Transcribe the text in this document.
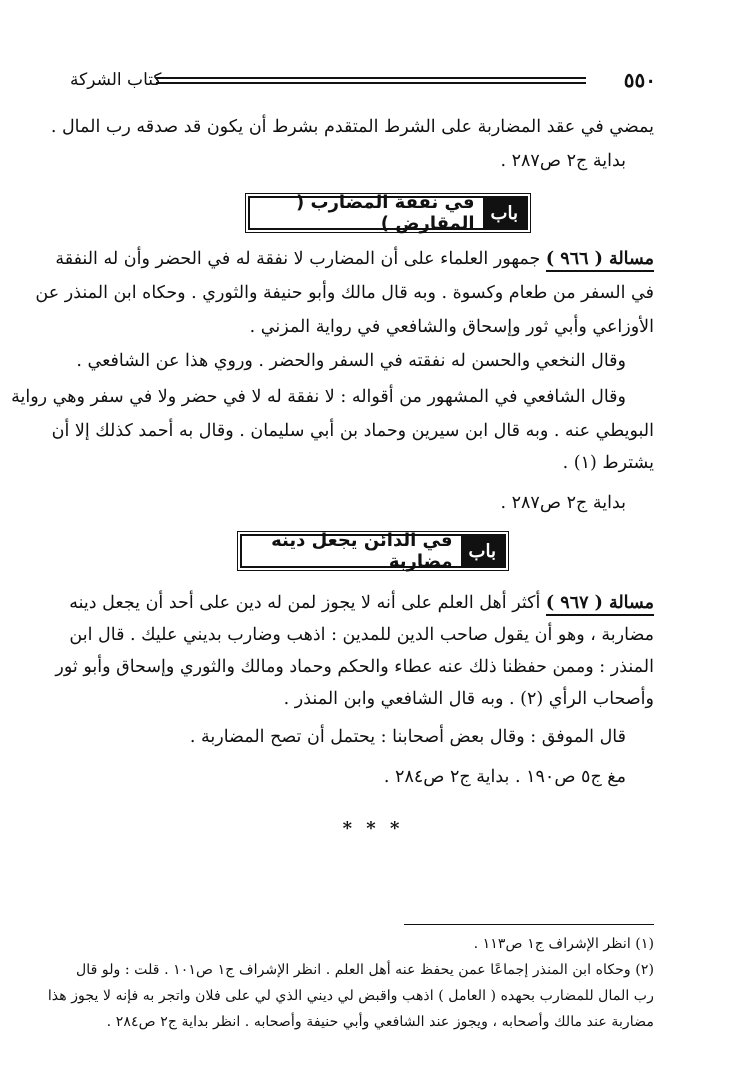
٥٥٠
كتاب الشركة
يمضي في عقد المضاربة على الشرط المتقدم بشرط أن يكون قد صدقه رب المال .
بداية ج٢ ص٢٨٧ .
باب
في نفقة المضارب ( المقارض )
مسالة ( ٩٦٦ ) جمهور العلماء على أن المضارب لا نفقة له في الحضر وأن له النفقة
في السفر من طعام وكسوة . وبه قال مالك وأبو حنيفة والثوري . وحكاه ابن المنذر عن
الأوزاعي وأبي ثور وإسحاق والشافعي في رواية المزني .
وقال النخعي والحسن له نفقته في السفر والحضر . وروي هذا عن الشافعي .
وقال الشافعي في المشهور من أقواله : لا نفقة له لا في حضر ولا في سفر وهي رواية
البويطي عنه . وبه قال ابن سيرين وحماد بن أبي سليمان . وقال به أحمد كذلك إلا أن
يشترط (١) .
بداية ج٢ ص٢٨٧ .
باب
في الدائن يجعل دينه مضاربة
مسالة ( ٩٦٧ ) أكثر أهل العلم على أنه لا يجوز لمن له دين على أحد أن يجعل دينه
مضاربة ، وهو أن يقول صاحب الدين للمدين : اذهب وضارب بديني عليك . قال ابن
المنذر : وممن حفظنا ذلك عنه عطاء والحكم وحماد ومالك والثوري وإسحاق وأبو ثور
وأصحاب الرأي (٢) . وبه قال الشافعي وابن المنذر .
قال الموفق : وقال بعض أصحابنا : يحتمل أن تصح المضاربة .
مغ ج٥ ص١٩٠ . بداية ج٢ ص٢٨٤ .
* * *
(١) انظر الإشراف ج١ ص١١٣ .
(٢) وحكاه ابن المنذر إجماعًا عمن يحفظ عنه أهل العلم . انظر الإشراف ج١ ص١٠١ . قلت : ولو قال
رب المال للمضارب بحهده ( العامل ) اذهب واقبض لي ديني الذي لي على فلان واتجر به فإنه لا يجوز هذا
مضاربة عند مالك وأصحابه ، ويجوز عند الشافعي وأبي حنيفة وأصحابه . انظر بداية ج٢ ص٢٨٤ .
